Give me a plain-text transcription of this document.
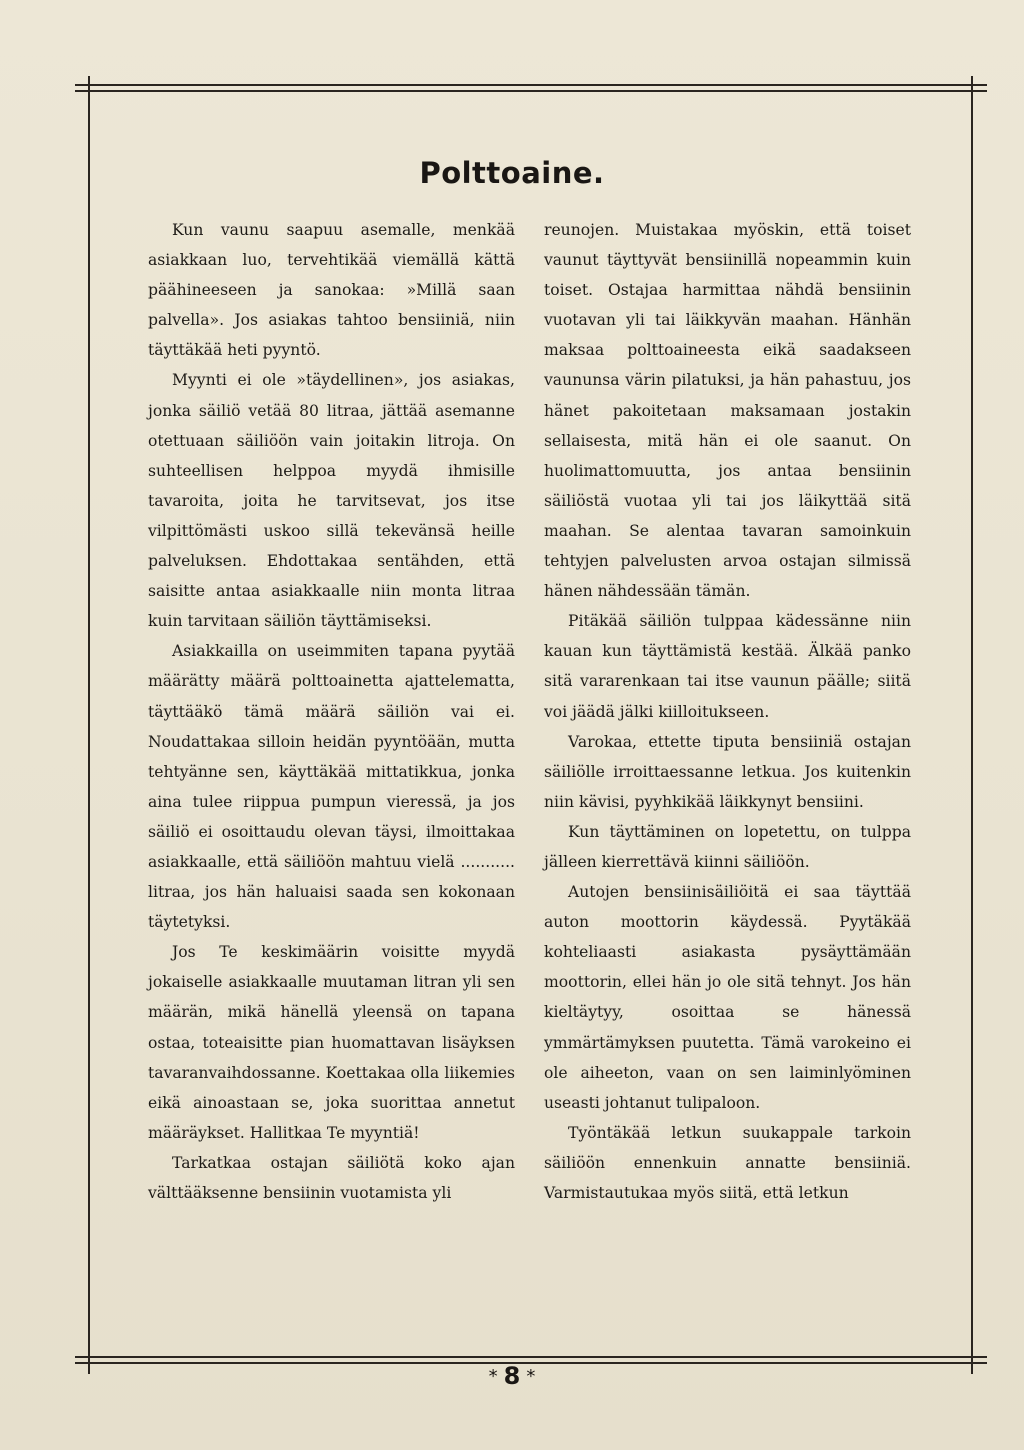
Polttoaine.

Kun vaunu saapuu asemalle, menkää asiakkaan luo, tervehtikää viemällä kättä päähineeseen ja sanokaa: »Millä saan palvella». Jos asiakas tahtoo bensiiniä, niin täyttäkää heti pyyntö.

Myynti ei ole »täydellinen», jos asiakas, jonka säiliö vetää 80 litraa, jättää asemanne otettuaan säiliöön vain joitakin litroja. On suhteellisen helppoa myydä ihmisille tavaroita, joita he tarvitsevat, jos itse vilpittömästi uskoo sillä tekevänsä heille palveluksen. Ehdottakaa sentähden, että saisitte antaa asiakkaalle niin monta litraa kuin tarvitaan säiliön täyttämiseksi.

Asiakkailla on useimmiten tapana pyytää määrätty määrä polttoainetta ajattelematta, täyttääkö tämä määrä säiliön vai ei. Noudattakaa silloin heidän pyyntöään, mutta tehtyänne sen, käyttäkää mittatikkua, jonka aina tulee riippua pumpun vieressä, ja jos säiliö ei osoittaudu olevan täysi, ilmoittakaa asiakkaalle, että säiliöön mahtuu vielä ........... litraa, jos hän haluaisi saada sen kokonaan täytetyksi.

Jos Te keskimäärin voisitte myydä jokaiselle asiakkaalle muutaman litran yli sen määrän, mikä hänellä yleensä on tapana ostaa, toteaisitte pian huomattavan lisäyksen tavaranvaihdossanne. Koettakaa olla liikemies eikä ainoastaan se, joka suorittaa annetut määräykset. Hallitkaa Te myyntiä!

Tarkatkaa ostajan säiliötä koko ajan välttääksenne bensiinin vuotamista yli

reunojen. Muistakaa myöskin, että toiset vaunut täyttyvät bensiinillä nopeammin kuin toiset. Ostajaa harmittaa nähdä bensiinin vuotavan yli tai läikkyvän maahan. Hänhän maksaa polttoaineesta eikä saadakseen vaununsa värin pilatuksi, ja hän pahastuu, jos hänet pakoitetaan maksamaan jostakin sellaisesta, mitä hän ei ole saanut. On huolimattomuutta, jos antaa bensiinin säiliöstä vuotaa yli tai jos läikyttää sitä maahan. Se alentaa tavaran samoinkuin tehtyjen palvelusten arvoa ostajan silmissä hänen nähdessään tämän.

Pitäkää säiliön tulppaa kädessänne niin kauan kun täyttämistä kestää. Älkää panko sitä vararenkaan tai itse vaunun päälle; siitä voi jäädä jälki kiilloitukseen.

Varokaa, ettette tiputa bensiiniä ostajan säiliölle irroittaessanne letkua. Jos kuitenkin niin kävisi, pyyhkikää läikkynyt bensiini.

Kun täyttäminen on lopetettu, on tulppa jälleen kierrettävä kiinni säiliöön.

Autojen bensiinisäiliöitä ei saa täyttää auton moottorin käydessä. Pyytäkää kohteliaasti asiakasta pysäyttämään moottorin, ellei hän jo ole sitä tehnyt. Jos hän kieltäytyy, osoittaa se hänessä ymmärtämyksen puutetta. Tämä varokeino ei ole aiheeton, vaan on sen laiminlyöminen useasti johtanut tulipaloon.

Työntäkää letkun suukappale tarkoin säiliöön ennenkuin annatte bensiiniä. Varmistautukaa myös siitä, että letkun

* 8 *
